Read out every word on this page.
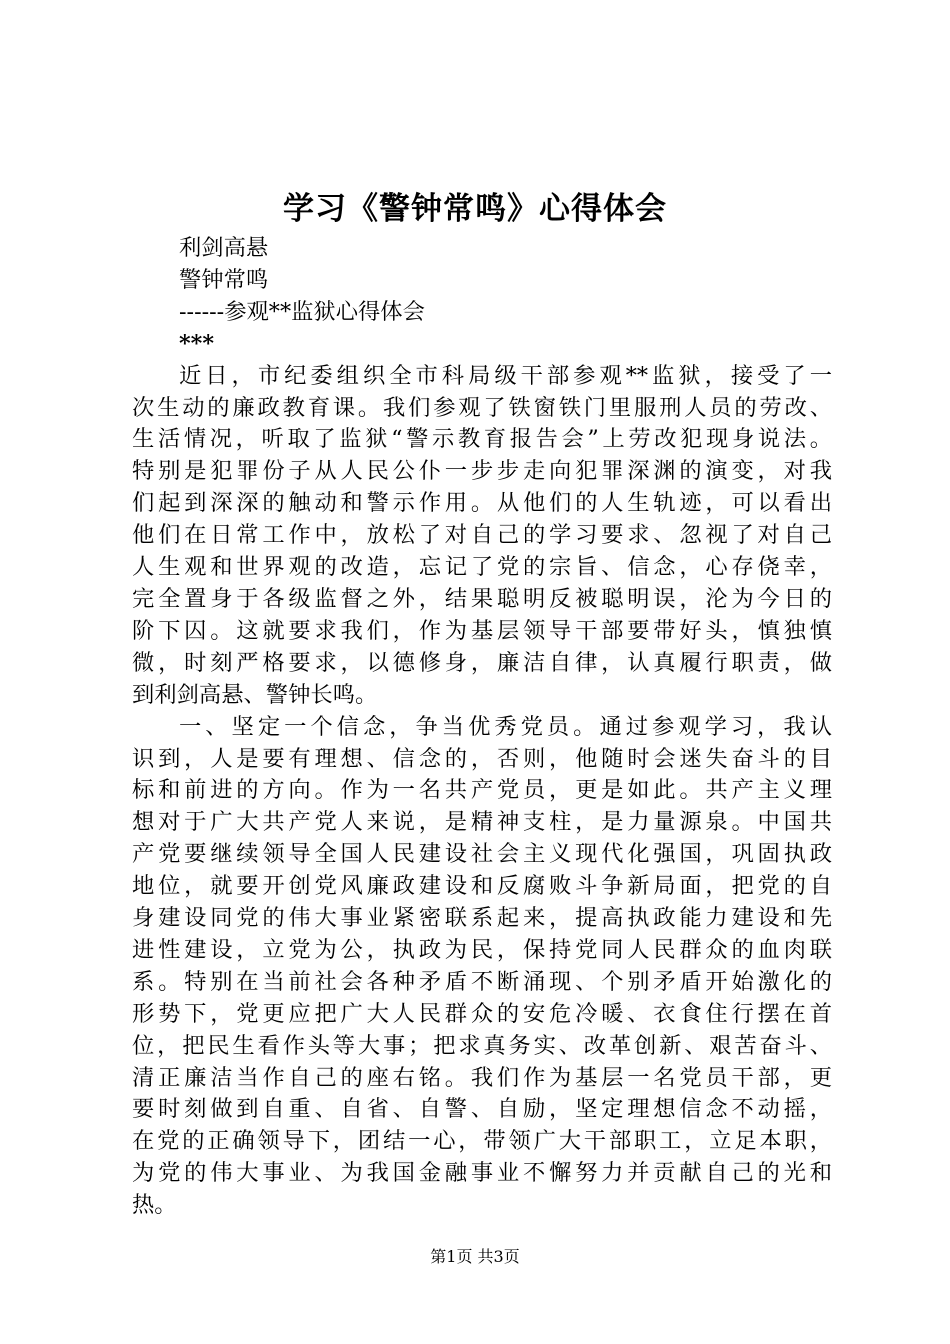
学习《警钟常鸣》心得体会
利剑高悬
警钟常鸣
------参观**监狱心得体会
***
近日，市纪委组织全市科局级干部参观**监狱，接受了一
次生动的廉政教育课。我们参观了铁窗铁门里服刑人员的劳改、
生活情况，听取了监狱“警示教育报告会”上劳改犯现身说法。
特别是犯罪份子从人民公仆一步步走向犯罪深渊的演变，对我
们起到深深的触动和警示作用。从他们的人生轨迹，可以看出
他们在日常工作中，放松了对自己的学习要求、忽视了对自己
人生观和世界观的改造，忘记了党的宗旨、信念，心存侥幸，
完全置身于各级监督之外，结果聪明反被聪明误，沦为今日的
阶下囚。这就要求我们，作为基层领导干部要带好头，慎独慎
微，时刻严格要求，以德修身，廉洁自律，认真履行职责，做
到利剑高悬、警钟长鸣。
一、坚定一个信念，争当优秀党员。通过参观学习，我认
识到，人是要有理想、信念的，否则，他随时会迷失奋斗的目
标和前进的方向。作为一名共产党员，更是如此。共产主义理
想对于广大共产党人来说，是精神支柱，是力量源泉。中国共
产党要继续领导全国人民建设社会主义现代化强国，巩固执政
地位，就要开创党风廉政建设和反腐败斗争新局面，把党的自
身建设同党的伟大事业紧密联系起来，提高执政能力建设和先
进性建设，立党为公，执政为民，保持党同人民群众的血肉联
系。特别在当前社会各种矛盾不断涌现、个别矛盾开始激化的
形势下，党更应把广大人民群众的安危冷暖、衣食住行摆在首
位，把民生看作头等大事；把求真务实、改革创新、艰苦奋斗、
清正廉洁当作自己的座右铭。我们作为基层一名党员干部，更
要时刻做到自重、自省、自警、自励，坚定理想信念不动摇，
在党的正确领导下，团结一心，带领广大干部职工，立足本职，
为党的伟大事业、为我国金融事业不懈努力并贡献自己的光和
热。
第1页 共3页
